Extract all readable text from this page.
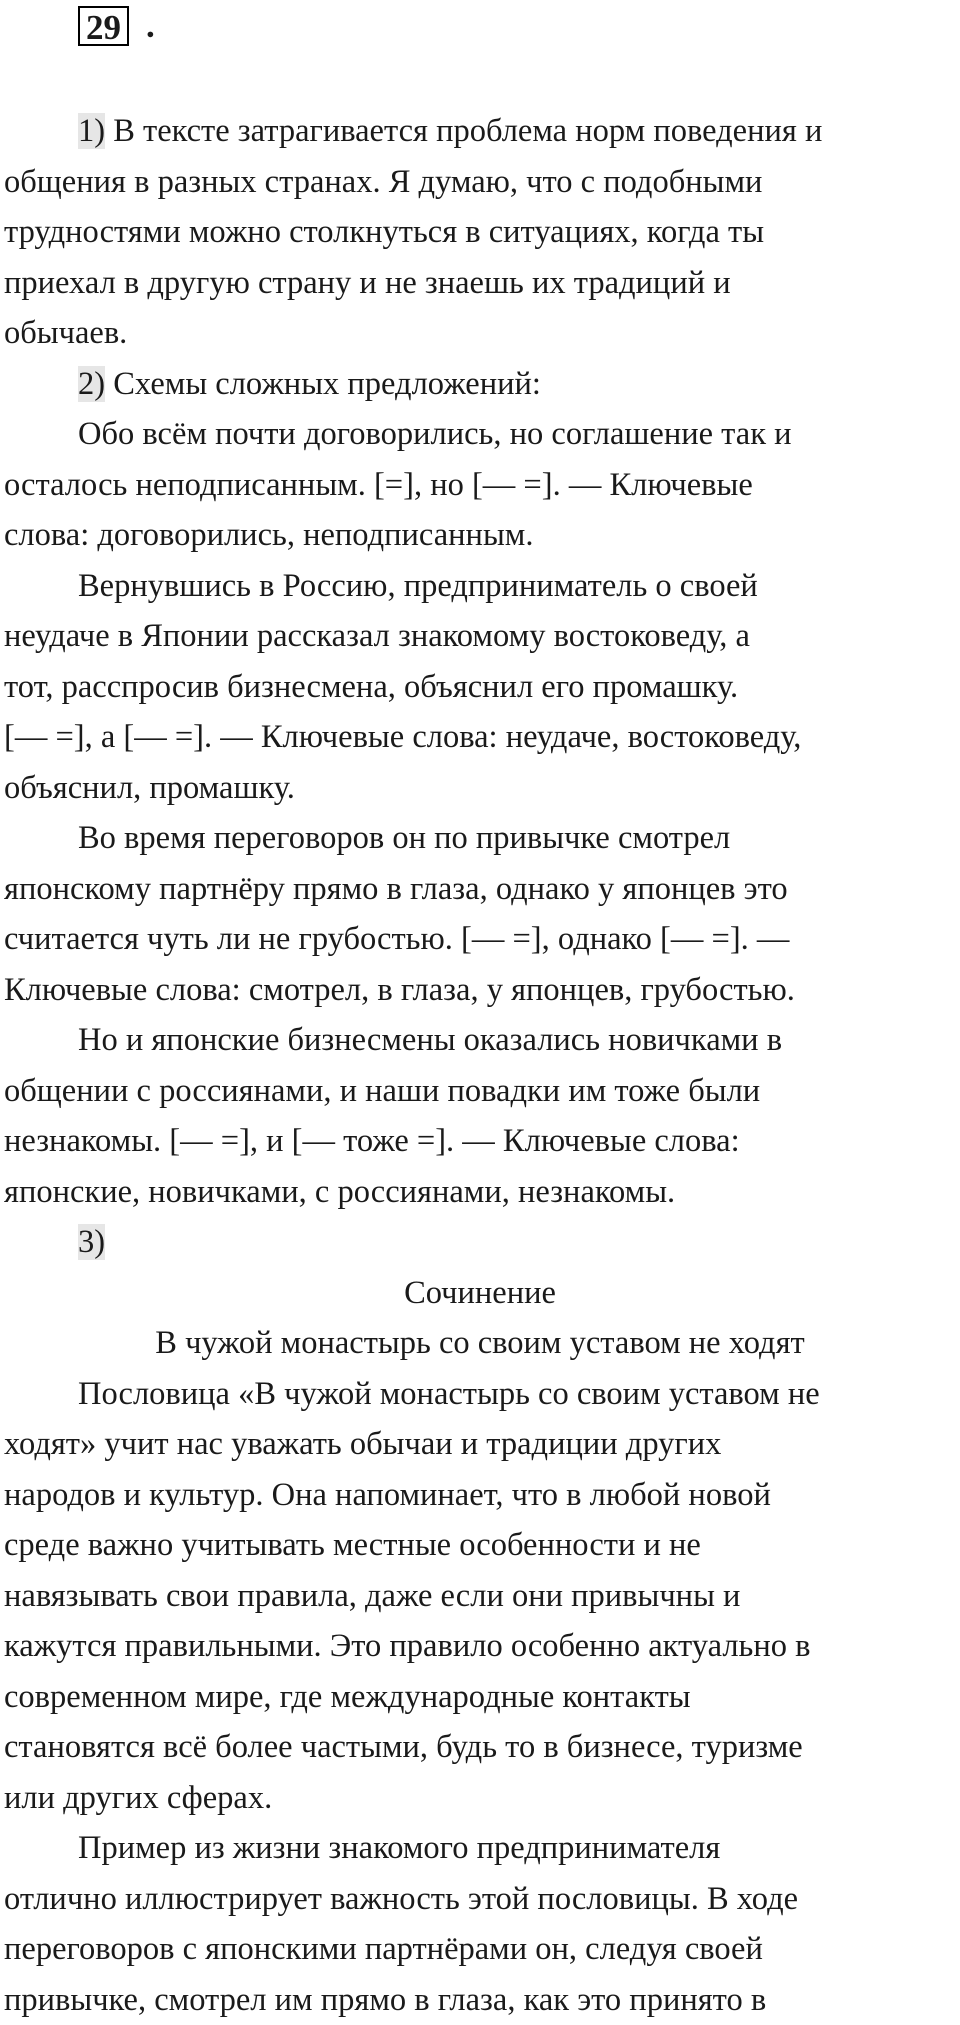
29 .

1) В тексте затрагивается проблема норм поведения и
общения в разных странах. Я думаю, что с подобными
трудностями можно столкнуться в ситуациях, когда ты
приехал в другую страну и не знаешь их традиций и
обычаев.

2) Схемы сложных предложений:

Обо всём почти договорились, но соглашение так и
осталось неподписанным. [=], но [— =]. — Ключевые
слова: договорились, неподписанным.

Вернувшись в Россию, предприниматель о своей
неудаче в Японии рассказал знакомому востоковеду, а
тот, расспросив бизнесмена, объяснил его промашку.
[— =], а [— =]. — Ключевые слова: неудаче, востоковеду,
объяснил, промашку.

Во время переговоров он по привычке смотрел
японскому партнёру прямо в глаза, однако у японцев это
считается чуть ли не грубостью. [— =], однако [— =]. —
Ключевые слова: смотрел, в глаза, у японцев, грубостью.

Но и японские бизнесмены оказались новичками в
общении с россиянами, и наши повадки им тоже были
незнакомы. [— =], и [— тоже =]. — Ключевые слова:
японские, новичками, с россиянами, незнакомы.

3)

Сочинение

В чужой монастырь со своим уставом не ходят

Пословица «В чужой монастырь со своим уставом не
ходят» учит нас уважать обычаи и традиции других
народов и культур. Она напоминает, что в любой новой
среде важно учитывать местные особенности и не
навязывать свои правила, даже если они привычны и
кажутся правильными. Это правило особенно актуально в
современном мире, где международные контакты
становятся всё более частыми, будь то в бизнесе, туризме
или других сферах.

Пример из жизни знакомого предпринимателя
отлично иллюстрирует важность этой пословицы. В ходе
переговоров с японскими партнёрами он, следуя своей
привычке, смотрел им прямо в глаза, как это принято в
